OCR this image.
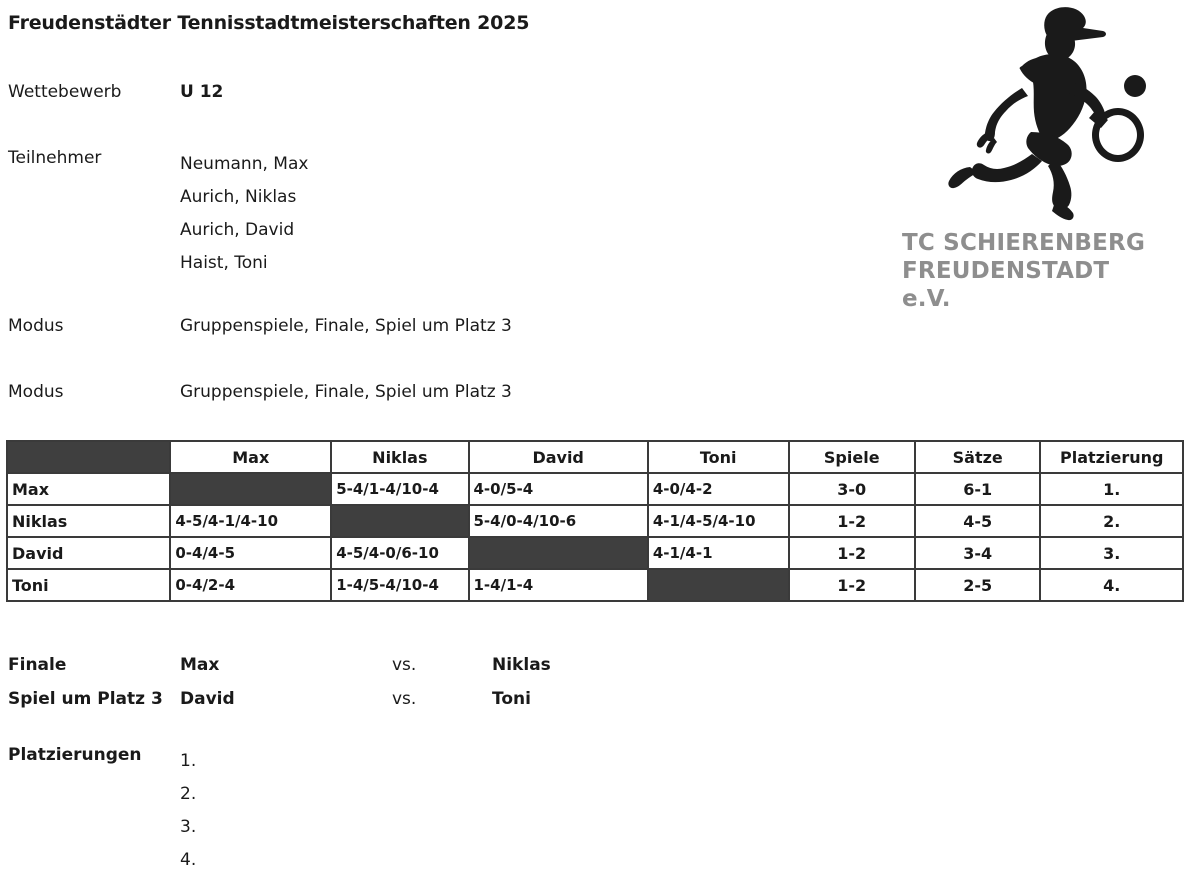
Freudenstädter Tennisstadtmeisterschaften 2025
Wettebewerb	U 12
Teilnehmer	Neumann, Max
Aurich, Niklas
Aurich, David
Haist, Toni
Modus	Gruppenspiele, Finale, Spiel um Platz 3
Modus	Gruppenspiele, Finale, Spiel um Platz 3
TC SCHIERENBERG
FREUDENSTADT e.V.
	Max	Niklas	David	Toni	Spiele	Sätze	Platzierung
Max		5-4/1-4/10-4	4-0/5-4	4-0/4-2	3-0	6-1	1.
Niklas	4-5/4-1/4-10		5-4/0-4/10-6	4-1/4-5/4-10	1-2	4-5	2.
David	0-4/4-5	4-5/4-0/6-10		4-1/4-1	1-2	3-4	3.
Toni	0-4/2-4	1-4/5-4/10-4	1-4/1-4		1-2	2-5	4.
Finale	Max	vs.	Niklas
Spiel um Platz 3 David	vs.	Toni
Platzierungen 1.
2.
3.
4.
